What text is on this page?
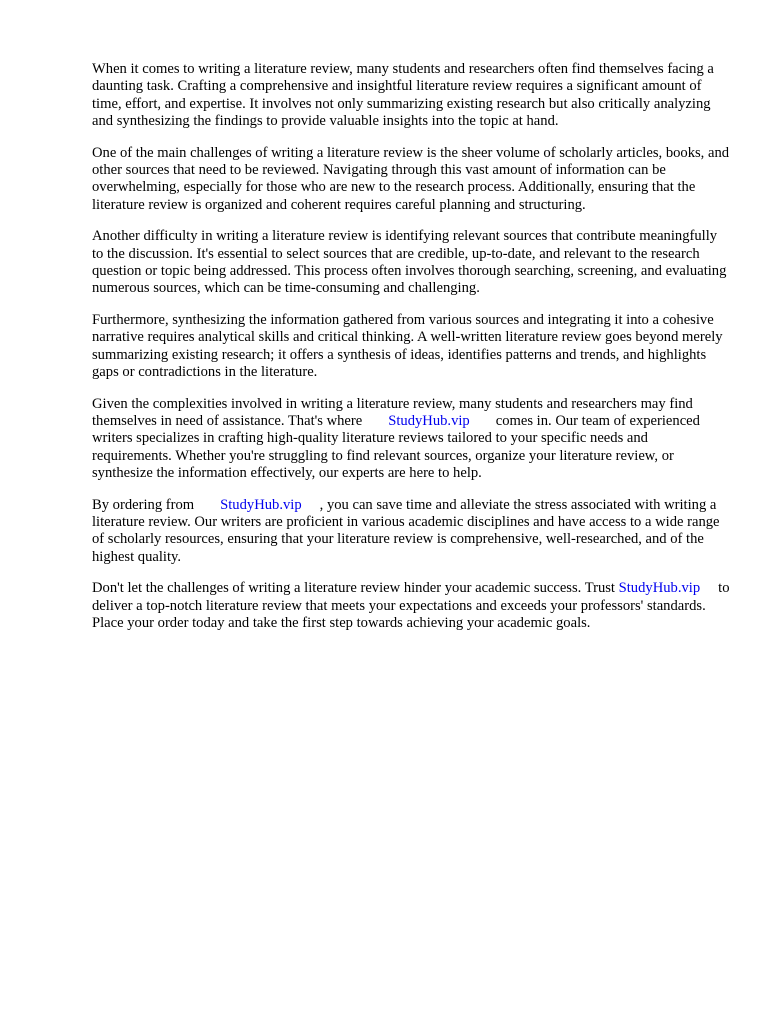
When it comes to writing a literature review, many students and researchers often find themselves facing a daunting task. Crafting a comprehensive and insightful literature review requires a significant amount of time, effort, and expertise. It involves not only summarizing existing research but also critically analyzing and synthesizing the findings to provide valuable insights into the topic at hand.

One of the main challenges of writing a literature review is the sheer volume of scholarly articles, books, and other sources that need to be reviewed. Navigating through this vast amount of information can be overwhelming, especially for those who are new to the research process. Additionally, ensuring that the literature review is organized and coherent requires careful planning and structuring.

Another difficulty in writing a literature review is identifying relevant sources that contribute meaningfully to the discussion. It's essential to select sources that are credible, up-to-date, and relevant to the research question or topic being addressed. This process often involves thorough searching, screening, and evaluating numerous sources, which can be time-consuming and challenging.

Furthermore, synthesizing the information gathered from various sources and integrating it into a cohesive narrative requires analytical skills and critical thinking. A well-written literature review goes beyond merely summarizing existing research; it offers a synthesis of ideas, identifies patterns and trends, and highlights gaps or contradictions in the literature.

Given the complexities involved in writing a literature review, many students and researchers may find themselves in need of assistance. That's where StudyHub.vip comes in. Our team of experienced writers specializes in crafting high-quality literature reviews tailored to your specific needs and requirements. Whether you're struggling to find relevant sources, organize your literature review, or synthesize the information effectively, our experts are here to help.

By ordering from StudyHub.vip , you can save time and alleviate the stress associated with writing a literature review. Our writers are proficient in various academic disciplines and have access to a wide range of scholarly resources, ensuring that your literature review is comprehensive, well-researched, and of the highest quality.

Don't let the challenges of writing a literature review hinder your academic success. Trust StudyHub.vip to deliver a top-notch literature review that meets your expectations and exceeds your professors' standards. Place your order today and take the first step towards achieving your academic goals.
